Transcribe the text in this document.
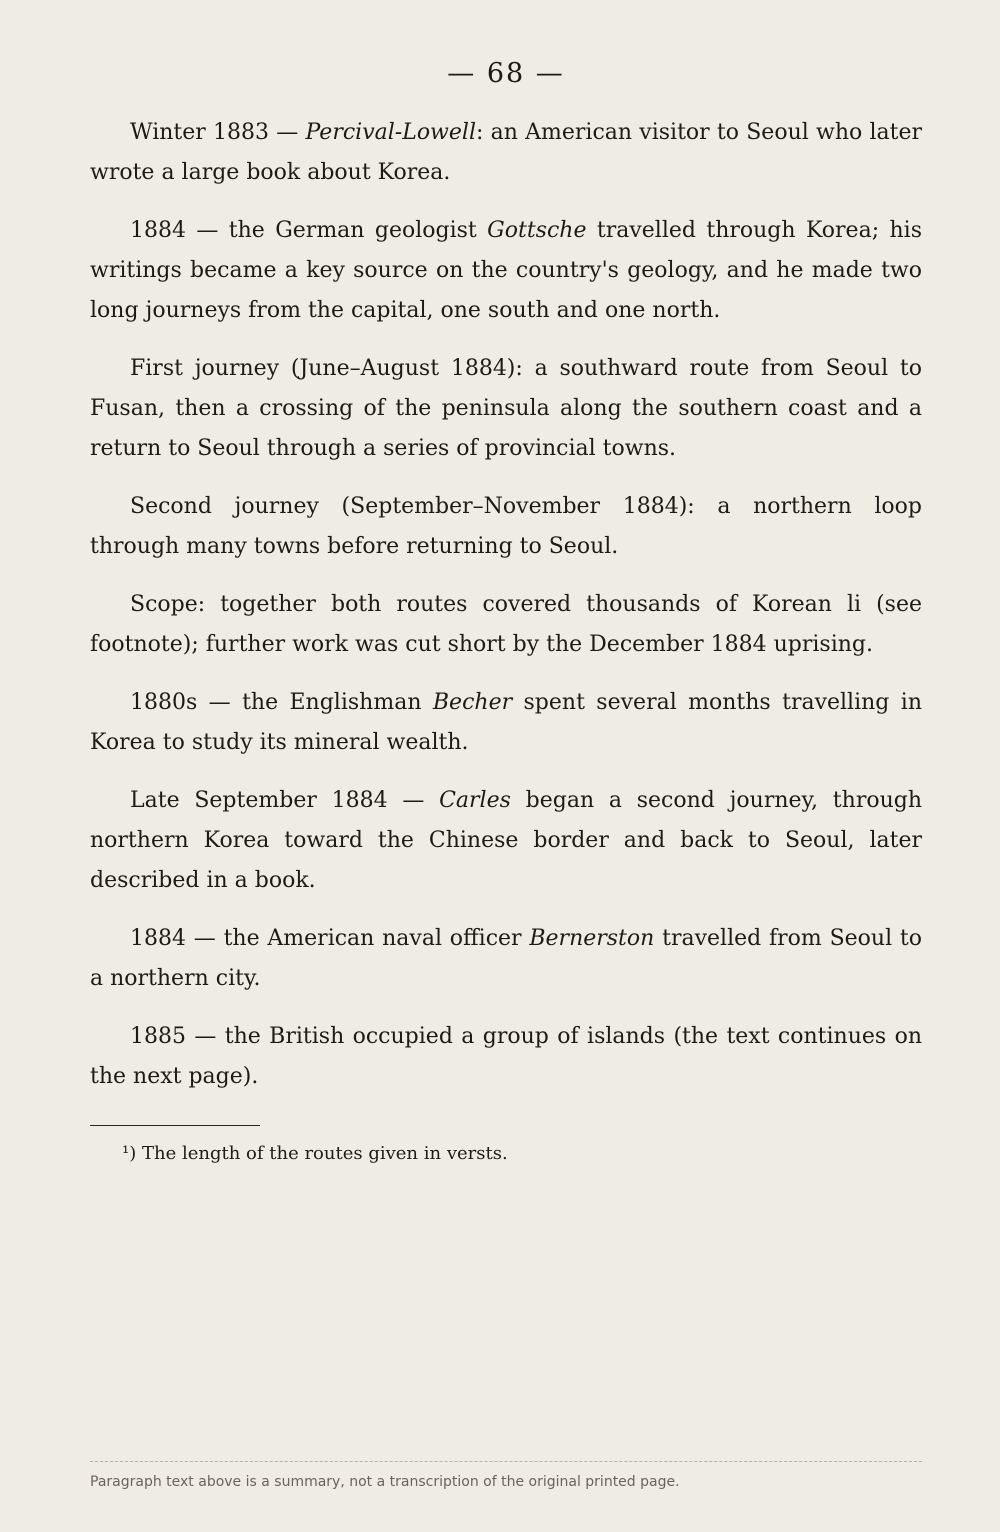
— 68 —

Winter 1883 — Percival-Lowell: an American visitor to Seoul who later wrote a large book about Korea.

1884 — the German geologist Gottsche travelled through Korea; his writings became a key source on the country's geology, and he made two long journeys from the capital, one south and one north.

First journey (June–August 1884): a southward route from Seoul to Fusan, then a crossing of the peninsula along the southern coast and a return to Seoul through a series of provincial towns.

Second journey (September–November 1884): a northern loop through many towns before returning to Seoul.

Scope: together both routes covered thousands of Korean li (see footnote); further work was cut short by the December 1884 uprising.

1880s — the Englishman Becher spent several months travelling in Korea to study its mineral wealth.

Late September 1884 — Carles began a second journey, through northern Korea toward the Chinese border and back to Seoul, later described in a book.

1884 — the American naval officer Bernerston travelled from Seoul to a northern city.

1885 — the British occupied a group of islands (the text continues on the next page).

¹) The length of the routes given in versts.
Paragraph text above is a summary, not a transcription of the original printed page.
